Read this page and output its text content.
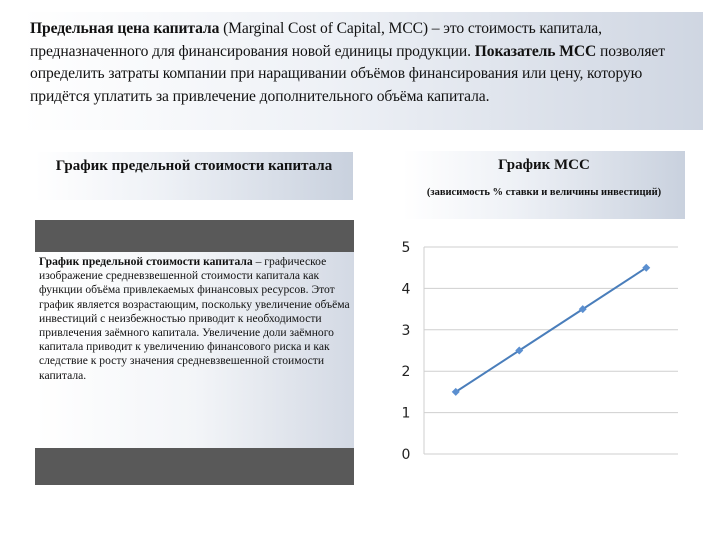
Предельная цена капитала (Marginal Cost of Capital, MCC) – это стоимость капитала, предназначенного для финансирования новой единицы продукции. Показатель МСС позволяет определить затраты компании при наращивании объёмов финансирования или цену, которую придётся уплатить за привлечение дополнительного объёма капитала.
График предельной стоимости капитала	График МСС
(зависимость % ставки и величины инвестиций)
График предельной стоимости капитала – графическое изображение средневзвешенной стоимости капитала как функции объёма привлекаемых финансовых ресурсов. Этот график является возрастающим, поскольку увеличение объёма инвестиций с неизбежностью приводит к необходимости привлечения заёмного капитала. Увеличение доли заёмного капитала приводит к увеличению финансового риска и как следствие к росту значения средневзвешенной стоимости капитала.
0
1
2
3
4
5
